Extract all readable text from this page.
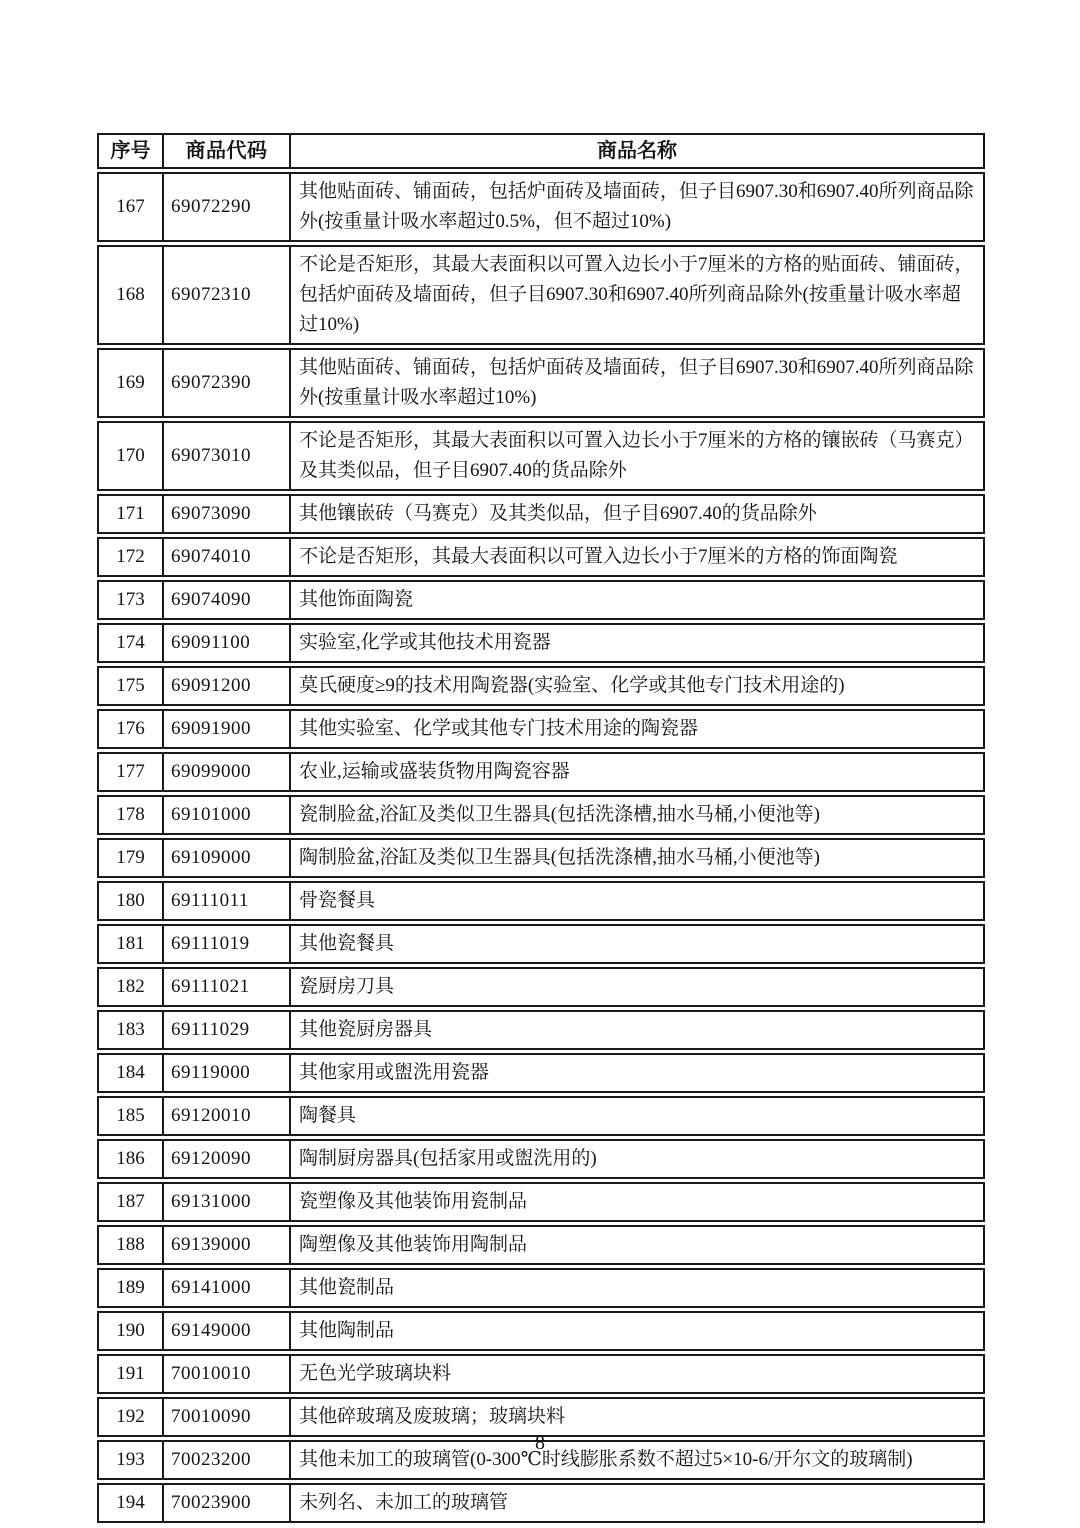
序号	商品代码	商品名称
167	69072290
其他贴面砖、铺面砖，包括炉面砖及墙面砖，但子目6907.30和6907.40所列商品除外(按重量计吸水率超过0.5%，但不超过10%)
168	69072310
不论是否矩形，其最大表面积以可置入边长小于7厘米的方格的贴面砖、铺面砖，包括炉面砖及墙面砖，但子目6907.30和6907.40所列商品除外(按重量计吸水率超过10%)
169	69072390
其他贴面砖、铺面砖，包括炉面砖及墙面砖，但子目6907.30和6907.40所列商品除外(按重量计吸水率超过10%)
170	69073010
不论是否矩形，其最大表面积以可置入边长小于7厘米的方格的镶嵌砖（马赛克）及其类似品，但子目6907.40的货品除外
171	69073090	其他镶嵌砖（马赛克）及其类似品，但子目6907.40的货品除外
172	69074010	不论是否矩形，其最大表面积以可置入边长小于7厘米的方格的饰面陶瓷
173	69074090	其他饰面陶瓷
174	69091100	实验室,化学或其他技术用瓷器
175	69091200	莫氏硬度≥9的技术用陶瓷器(实验室、化学或其他专门技术用途的)
176	69091900	其他实验室、化学或其他专门技术用途的陶瓷器
177	69099000	农业,运输或盛装货物用陶瓷容器
178	69101000	瓷制脸盆,浴缸及类似卫生器具(包括洗涤槽,抽水马桶,小便池等)
179	69109000	陶制脸盆,浴缸及类似卫生器具(包括洗涤槽,抽水马桶,小便池等)
180	69111011	骨瓷餐具
181	69111019	其他瓷餐具
182	69111021	瓷厨房刀具
183	69111029	其他瓷厨房器具
184	69119000	其他家用或盥洗用瓷器
185	69120010	陶餐具
186	69120090	陶制厨房器具(包括家用或盥洗用的)
187	69131000	瓷塑像及其他装饰用瓷制品
188	69139000	陶塑像及其他装饰用陶制品
189	69141000	其他瓷制品
190	69149000	其他陶制品
191	70010010	无色光学玻璃块料
192	70010090	其他碎玻璃及废玻璃；玻璃块料
193	70023200	其他未加工的玻璃管(0-300℃时线膨胀系数不超过5×10-6/开尔文的玻璃制)
194	70023900	未列名、未加工的玻璃管
8
